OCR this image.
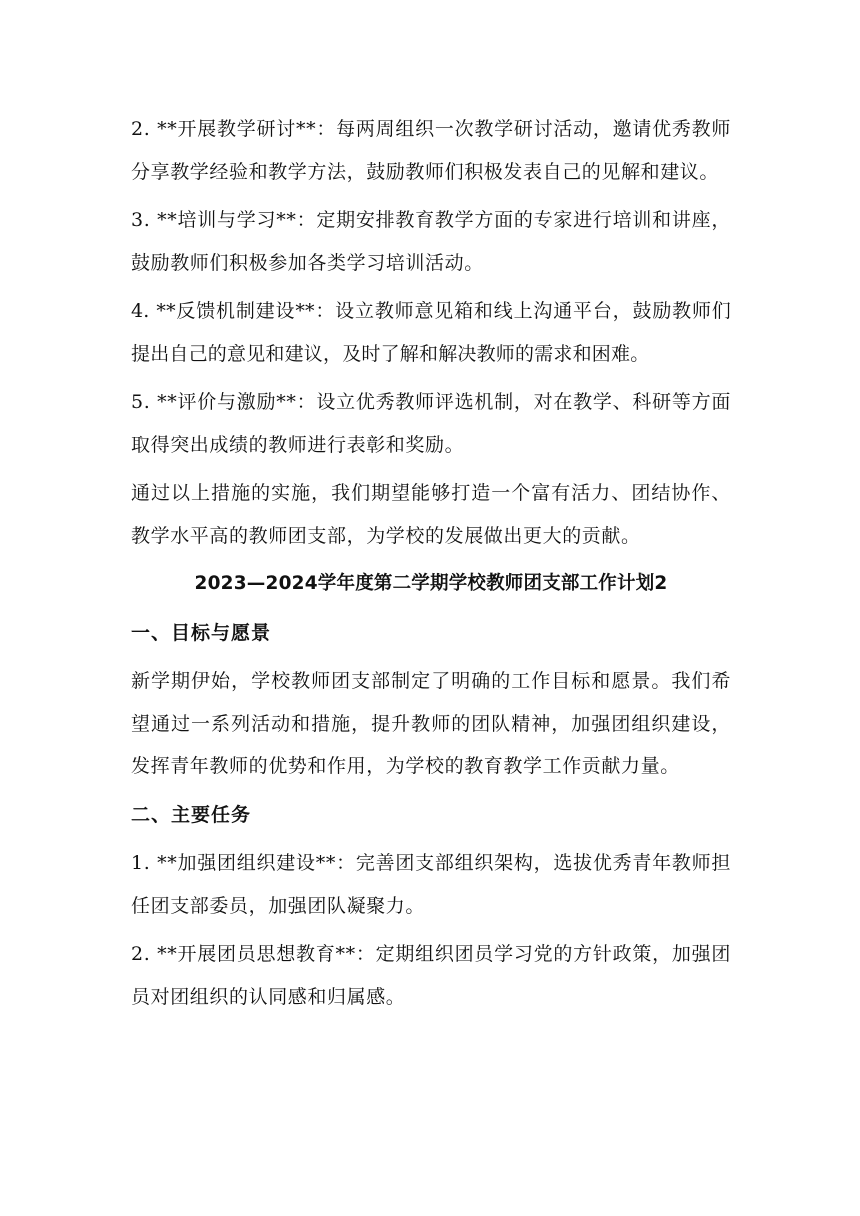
2. **开展教学研讨**：每两周组织一次教学研讨活动，邀请优秀教师分享教学经验和教学方法，鼓励教师们积极发表自己的见解和建议。

3. **培训与学习**：定期安排教育教学方面的专家进行培训和讲座，鼓励教师们积极参加各类学习培训活动。

4. **反馈机制建设**：设立教师意见箱和线上沟通平台，鼓励教师们提出自己的意见和建议，及时了解和解决教师的需求和困难。

5. **评价与激励**：设立优秀教师评选机制，对在教学、科研等方面取得突出成绩的教师进行表彰和奖励。

通过以上措施的实施，我们期望能够打造一个富有活力、团结协作、教学水平高的教师团支部，为学校的发展做出更大的贡献。

2023—2024学年度第二学期学校教师团支部工作计划2

一、目标与愿景

新学期伊始，学校教师团支部制定了明确的工作目标和愿景。我们希望通过一系列活动和措施，提升教师的团队精神，加强团组织建设，发挥青年教师的优势和作用，为学校的教育教学工作贡献力量。

二、主要任务

1. **加强团组织建设**：完善团支部组织架构，选拔优秀青年教师担任团支部委员，加强团队凝聚力。

2. **开展团员思想教育**：定期组织团员学习党的方针政策，加强团员对团组织的认同感和归属感。
